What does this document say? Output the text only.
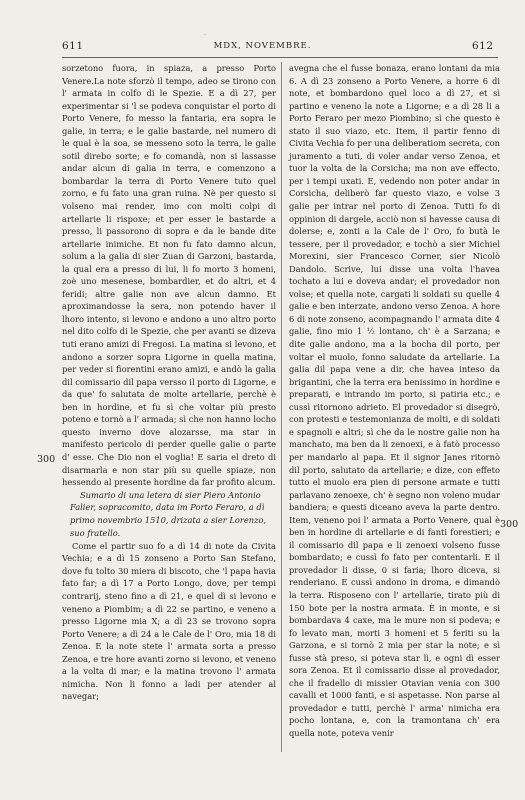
·
611	MDX, NOVEMBRE.	612
300
300

sorzetono fuora, in spiaza, a presso Porto Venere.La note sforzò il tempo, adeo se tirono con l' armata in colfo di le Spezie. E a dì 27, per experimentar si 'l se podeva conquistar el porto di Porto Venere, fo messo la fantaria, era sopra le galie, in terra; e le galie bastarde, nel numero di le qual è la soa, se messeno soto la terra, le galie sotil direbo sorte; e fo comandà, non si lassasse andar alcun di galia in terra, e comenzono a bombardar la terra di Porto Venere tuto quel zorno, e fu fato una gran ruina. Nè per questo si volseno mai render, imo con molti colpi di artellarie li rispoxe; et per esser le bastarde a presso, li passorono di sopra e da le bande dite artellarie inimiche. Et non fu fato damno alcun, solum a la galia di sier Zuan di Garzoni, bastarda, la qual era a presso di lui, li fo morto 3 homeni, zoè uno mesenese, bombardier, et do altri, et 4 feridi; altre galie non ave alcun damno. Et aproximandosse la sera, non potendo haver il lhoro intento, si levono e andono a uno altro porto nel dito colfo di le Spezie, che per avanti se dizeva tuti erano amizi di Fregosi. La matina si levono, et andono a sorzer sopra Ligorne in quella matina, per veder si fiorentini erano amizi, e andò la galia dil comissario dil papa versso il porto di Ligorne, e da que' fo salutata de molte artellarie, perchè è ben in hordine, et fu sì che voltar più presto poteno e tornò a l' armada; sì che non hanno locho questo inverno dove alozarsse, ma star in manifesto pericolo di perder quelle galie o parte d' esse. Che Dio non el voglia! E saria el dreto di disarmarla e non star più su quelle spiaze, non hessendo al presente hordine da far profito alcum.

Sumario di una letera di sier Piero Antonio Falier, sopracomito, data im Porto Feraro, a dì primo novembrio 1510, drizata a sier Lorenzo, suo fratello.

Come el partir suo fo a dì 14 di note da Civita Vechia; e a dì 15 zonseno a Porto San Stefano, dove fu tolto 30 miera di biscoto, che 'l papa havia fato far; a dì 17 a Porto Longo, dove, per tempi contrarij, steno fino a dì 21, e quel dì si levono e veneno a Piombim; a dì 22 se partino, e veneno a presso Ligorne mia X; a dì 23 se trovono sopra Porto Venere; a dì 24 a le Cale de l' Oro, mia 18 di Zenoa. E la note stete l' armata sorta a presso Zenoa, e tre hore avanti zorno si levono, et veneno a la volta di mar; e la matina trovono l' armata nimicha. Non li fonno a ladi per atender al navegar;

avegna che el fusse bonaza, erano lontani da mia 6. A dì 23 zonseno a Porto Venere, a horre 6 di note, et bombardono quel loco a dì 27, et sì partino e veneno la note a Ligorne; e a dì 28 li a Porto Feraro per mezo Piombino; sì che questo è stato il suo viazo, etc. Item, il partir fenno di Civita Vechia fo per una deliberatiom secreta, con juramento a tuti, di voler andar verso Zenoa, et tuor la volta de la Corsicha; ma non ave effecto, per i tempi uxati. E, vedendo non poter andar in Corsicha, deliberò far questo viazo, e volse 3 galie per intrar nel porto di Zenoa. Tutti fo di oppinion di dargele, acciò non si havesse causa di dolerse; e, zonti a la Cale de l' Oro, fo butà le tessere, per il provedador, e tochò a sier Michiel Morexini, sier Francesco Corner, sier Nicolò Dandolo. Scrive, lui disse una volta l'havea tochato a lui e doveva andar; el provedador non volse; et quella note, cargati li soldati su quelle 4 galie e ben interzate, andono verso Zenoa. A hore 6 di note zonseno, acompagnando l' armata dite 4 galie, fino mio 1 ½ lontano, ch' è a Sarzana; e dite galie andono, ma a la bocha dil porto, per voltar el muolo, fonno saludate da artellarie. La galia dil papa vene a dir, che havea inteso da brigantini, che la terra era benissimo in hordine e preparati, e intrando im porto, si patiria etc.; e cussì ritornono adrieto. El provedador si disegrò, con protesti e testemonianza de molti, e di soldati e spagnoli e altri; sì che da le nostre galie non ha manchato, ma ben da li zenoexi, e à fatò processo per mandarlo al papa. Et il signor Janes ritornò dil porto, salutato da artellarie; e dize, con effeto tutto el muolo era pien di persone armate e tutti parlavano zenoexe, ch' è segno non voleno mudar bandiera; e questi diceano aveva la parte dentro. Item, veneno poi l' armata a Porto Venere, qual è ben in hordine di artellarie e di fanti forestieri; e il comissario dil papa e li zenoexi volseno fusse bombardato; e cussì fo fato per contentarli. E il provedador li disse, 0 si faria; lhoro diceva, si renderiano. E cussì andono in droma, e dimandò la terra. Risposeno con l' artellarie, tirato più di 150 bote per la nostra armata. È in monte, e si bombardava 4 caxe, ma le mure non si podeva; e fo levato man, morti 3 homeni et 5 feriti su la Garzona, e si tornò 2 mia per star la note; e sì fusse stà preso, si poteva star lì, e ogni dì esser sora Zenoa. Et il comissario disse al provedador, che il fradello di missier Otavian venia con 300 cavalli et 1000 fanti, e si aspetasse. Non parse al provedador e tutti, perchè l' arma' nimicha era pocho lontana, e, con la tramontana ch' era quella note, poteva venir
